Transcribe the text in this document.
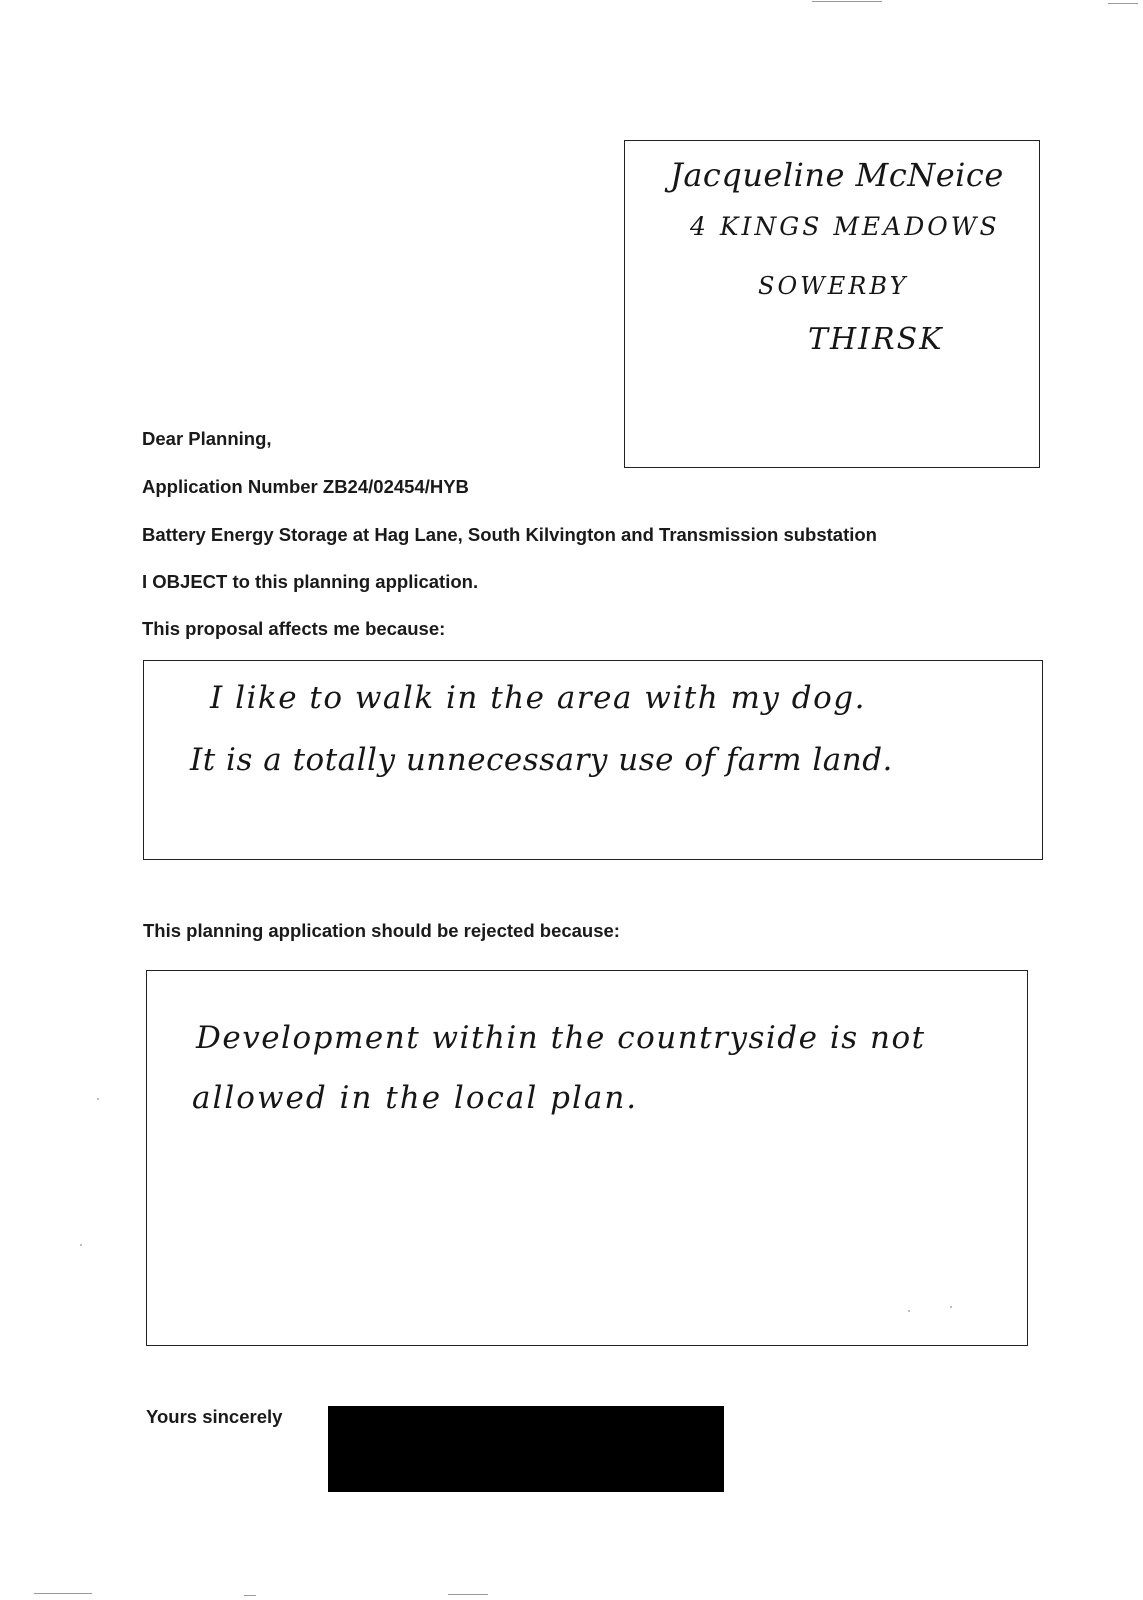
Jacqueline McNeice
4 KINGS MEADOWS
SOWERBY
THIRSK
Dear Planning,
Application Number ZB24/02454/HYB
Battery Energy Storage at Hag Lane, South Kilvington and Transmission substation
I OBJECT to this planning application.
This proposal affects me because:
I like to walk in the area with my dog.
It is a totally unnecessary use of farm land.
This planning application should be rejected because:
Development within the countryside is not
allowed in the local plan.
Yours sincerely
